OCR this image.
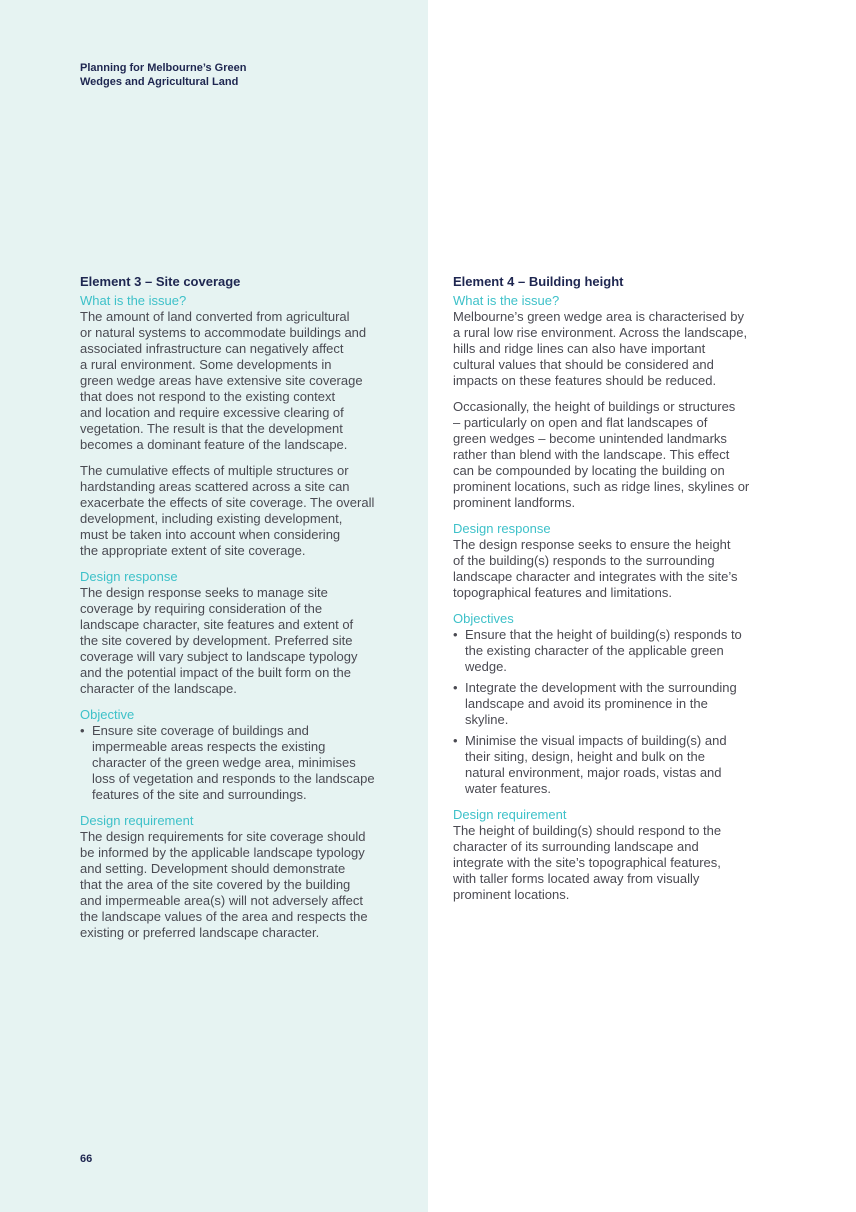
Planning for Melbourne’s Green
Wedges and Agricultural Land
Element 3 – Site coverage
What is the issue?

The amount of land converted from agricultural
or natural systems to accommodate buildings and
associated infrastructure can negatively affect
a rural environment. Some developments in
green wedge areas have extensive site coverage
that does not respond to the existing context
and location and require excessive clearing of
vegetation. The result is that the development
becomes a dominant feature of the landscape.

The cumulative effects of multiple structures or
hardstanding areas scattered across a site can
exacerbate the effects of site coverage. The overall
development, including existing development,
must be taken into account when considering
the appropriate extent of site coverage.

Design response

The design response seeks to manage site
coverage by requiring consideration of the
landscape character, site features and extent of
the site covered by development. Preferred site
coverage will vary subject to landscape typology
and the potential impact of the built form on the
character of the landscape.

Objective
• Ensure site coverage of buildings and
impermeable areas respects the existing
character of the green wedge area, minimises
loss of vegetation and responds to the landscape
features of the site and surroundings.
Design requirement

The design requirements for site coverage should
be informed by the applicable landscape typology
and setting. Development should demonstrate
that the area of the site covered by the building
and impermeable area(s) will not adversely affect
the landscape values of the area and respects the
existing or preferred landscape character.

Element 4 – Building height
What is the issue?

Melbourne’s green wedge area is characterised by
a rural low rise environment. Across the landscape,
hills and ridge lines can also have important
cultural values that should be considered and
impacts on these features should be reduced.

Occasionally, the height of buildings or structures
– particularly on open and flat landscapes of
green wedges – become unintended landmarks
rather than blend with the landscape. This effect
can be compounded by locating the building on
prominent locations, such as ridge lines, skylines or
prominent landforms.

Design response

The design response seeks to ensure the height
of the building(s) responds to the surrounding
landscape character and integrates with the site’s
topographical features and limitations.

Objectives
• Ensure that the height of building(s) responds to
the existing character of the applicable green
wedge.
• Integrate the development with the surrounding
landscape and avoid its prominence in the
skyline.
• Minimise the visual impacts of building(s) and
their siting, design, height and bulk on the
natural environment, major roads, vistas and
water features.
Design requirement

The height of building(s) should respond to the
character of its surrounding landscape and
integrate with the site’s topographical features,
with taller forms located away from visually
prominent locations.

66
